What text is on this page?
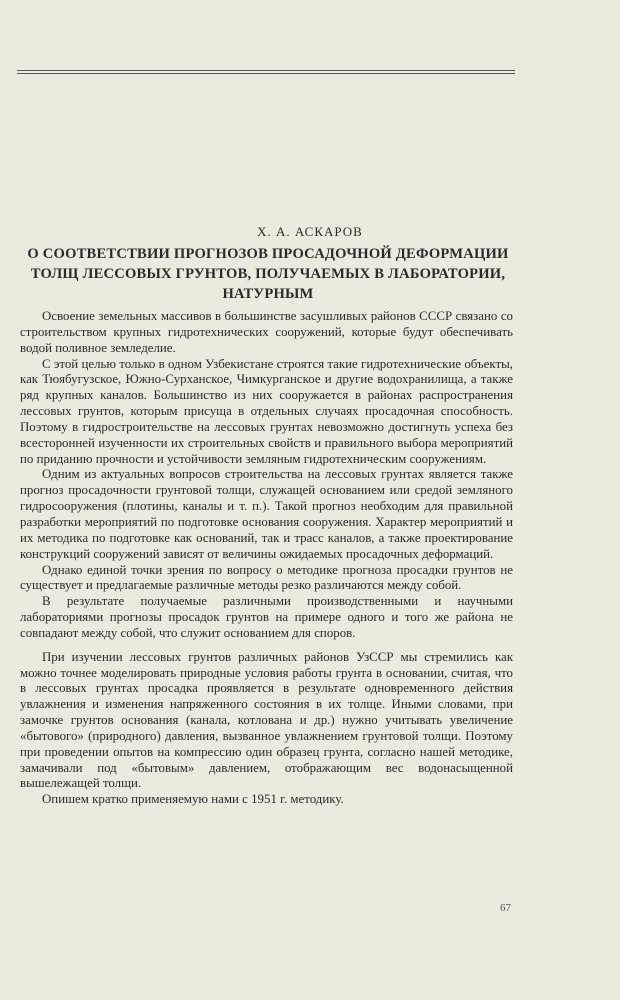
Х. А. АСКАРОВ
О СООТВЕТСТВИИ ПРОГНОЗОВ ПРОСАДОЧНОЙ ДЕФОРМАЦИИ
ТОЛЩ ЛЕССОВЫХ ГРУНТОВ, ПОЛУЧАЕМЫХ В ЛАБОРАТОРИИ,
НАТУРНЫМ

Освоение земельных массивов в большинстве засушливых районов СССР связано со строительством крупных гидротехнических сооружений, которые будут обеспечивать водой поливное земледелие.

С этой целью только в одном Узбекистане строятся такие гидротехнические объекты, как Тюябугузское, Южно-Сурханское, Чимкурганское и другие водохранилища, а также ряд крупных каналов. Большинство из них сооружается в районах распространения лессовых грунтов, которым присуща в отдельных случаях просадочная способность. Поэтому в гидростроительстве на лессовых грунтах невозможно достигнуть успеха без всесторонней изученности их строительных свойств и правильного выбора мероприятий по приданию прочности и устойчивости земляным гидротехническим сооружениям.

Одним из актуальных вопросов строительства на лессовых грунтах является также прогноз просадочности грунтовой толщи, служащей основанием или средой земляного гидросооружения (плотины, каналы и т. п.). Такой прогноз необходим для правильной разработки мероприятий по подготовке основания сооружения. Характер мероприятий и их методика по подготовке как оснований, так и трасс каналов, а также проектирование конструкций сооружений зависят от величины ожидаемых просадочных деформаций.

Однако единой точки зрения по вопросу о методике прогноза просадки грунтов не существует и предлагаемые различные методы резко различаются между собой.

В результате получаемые различными производственными и научными лабораториями прогнозы просадок грунтов на примере одного и того же района не совпадают между собой, что служит основанием для споров.

При изучении лессовых грунтов различных районов УзССР мы стремились как можно точнее моделировать природные условия работы грунта в основании, считая, что в лессовых грунтах просадка проявляется в результате одновременного действия увлажнения и изменения напряженного состояния в их толще. Иными словами, при замочке грунтов основания (канала, котлована и др.) нужно учитывать увеличение «бытового» (природного) давления, вызванное увлажнением грунтовой толщи. Поэтому при проведении опытов на компрессию один образец грунта, согласно нашей методике, замачивали под «бытовым» давлением, отображающим вес водонасыщенной вышележащей толщи.

Опишем кратко применяемую нами с 1951 г. методику.

67
